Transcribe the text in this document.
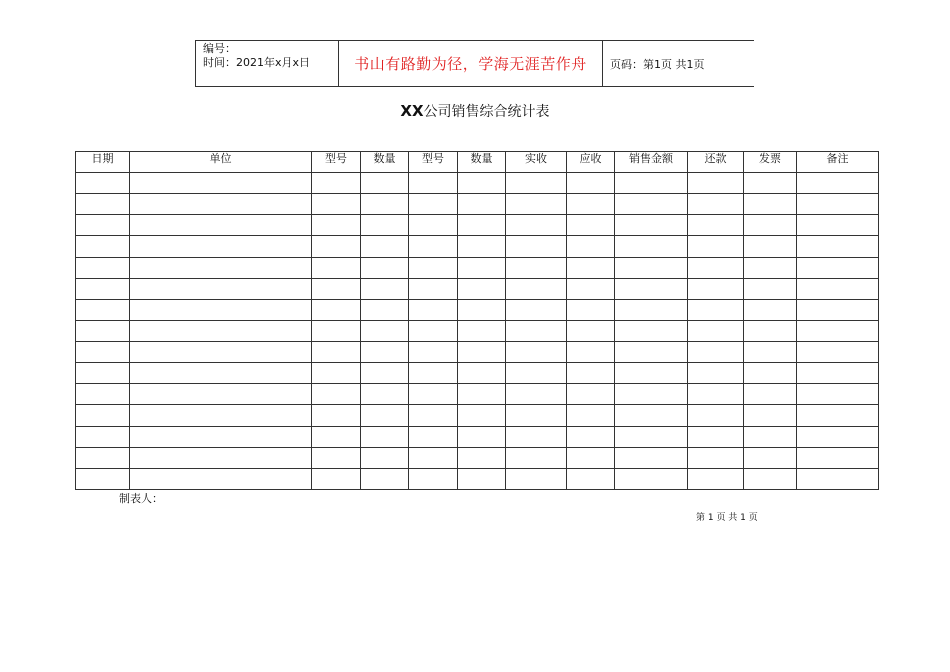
编号：
时间：2021年x月x日	书山有路勤为径，学海无涯苦作舟 页码：第1页 共1页
XX公司销售综合统计表
日期	单位	型号	数量	型号	数量	实收	应收	销售金额	还款	发票	备注

制表人：
第 1 页 共 1 页
